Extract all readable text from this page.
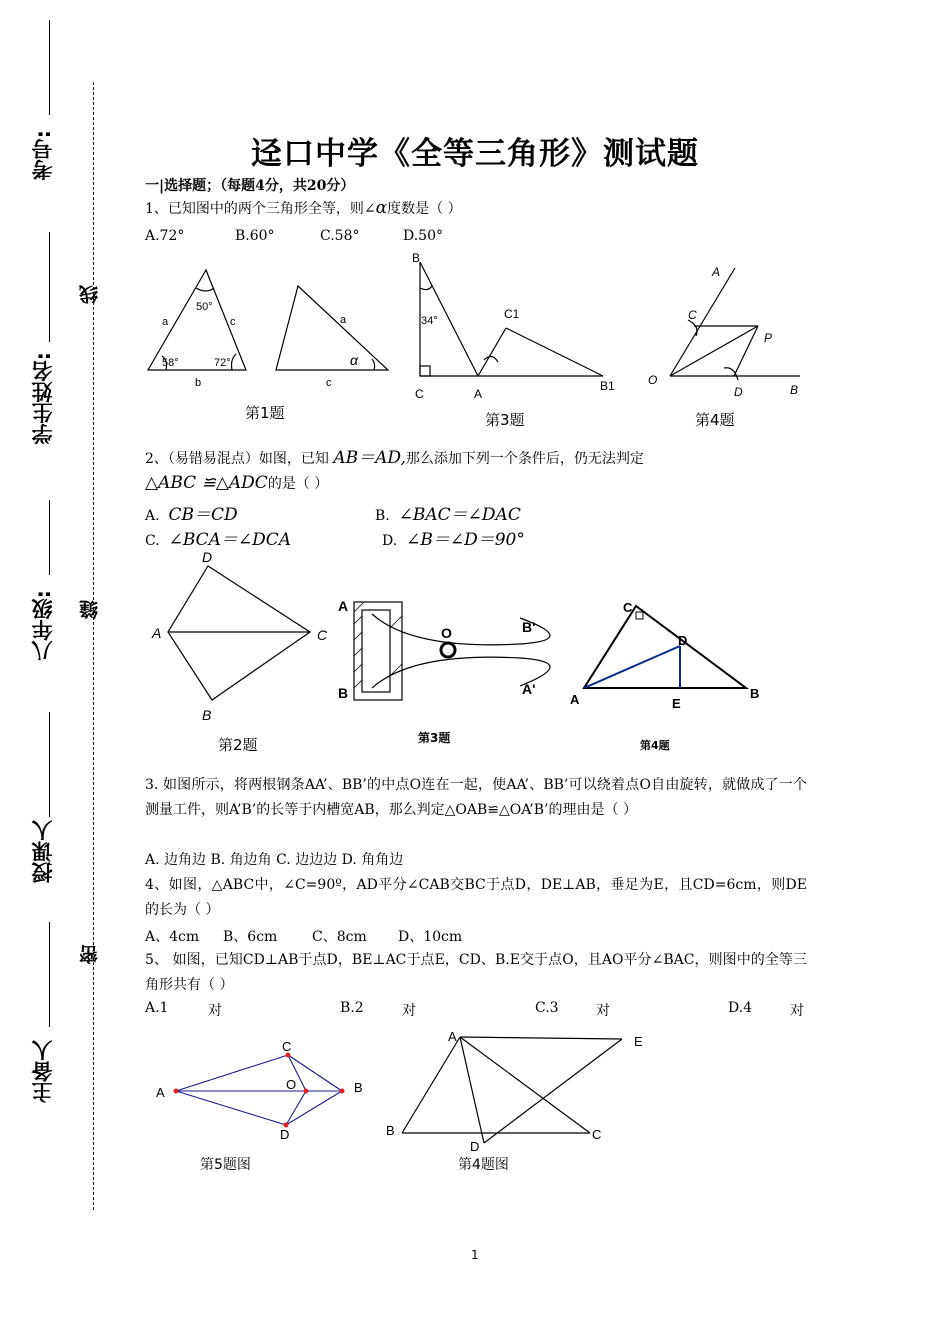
考号:
学生姓名:
八年级:
授课人
主备人
线
缝
密
迳口中学《全等三角形》测试题
一|选择题；（每题4分，共20分）
1、已知图中的两个三角形全等，则∠α度数是（ ）
A.72°	B.60°	C.58°	D.50°
50°
58°	72°
a	c
b
a
c
α
B
34°
C	A
C1
B1
A
C
P
O
D	B
第1题	第3题	第4题
2、（易错易混点）如图，已知 AB＝AD,那么添加下列一个条件后，仍无法判定
△ABC ≌△ADC的是（ ）
A. CB＝CD	B. ∠BAC＝∠DAC
C. ∠BCA＝∠DCA	D. ∠B＝∠D＝90°
D
A	C
B
A
B
O	B'
A'
C
D
A	E
B
第2题	第3题
第4题
3. 如图所示，将两根钢条AA’、BB’的中点O连在一起，使AA’、BB’可以绕着点O自由旋转，就做成了一个测量工件，则A’B’的长等于内槽宽AB，那么判定△OAB≌△OA’B’的理由是（ ）
A. 边角边 B. 角边角 C. 边边边 D. 角角边
4、如图，△ABC中，∠C=90º，AD平分∠CAB交BC于点D，DE⊥AB，垂足为E，且CD=6cm，则DE的长为（ ）
A、4cm B、6cm C、8cm D、10cm
5、 如图，已知CD⊥AB于点D，BE⊥AC于点E，CD、B.E交于点O，且AO平分∠BAC，则图中的全等三角形共有（ ）
A.1	对	B.2	对	C.3	对	D.4	对
A
C
O	B
D
A	E
B	C
D
第5题图	第4题图
1
